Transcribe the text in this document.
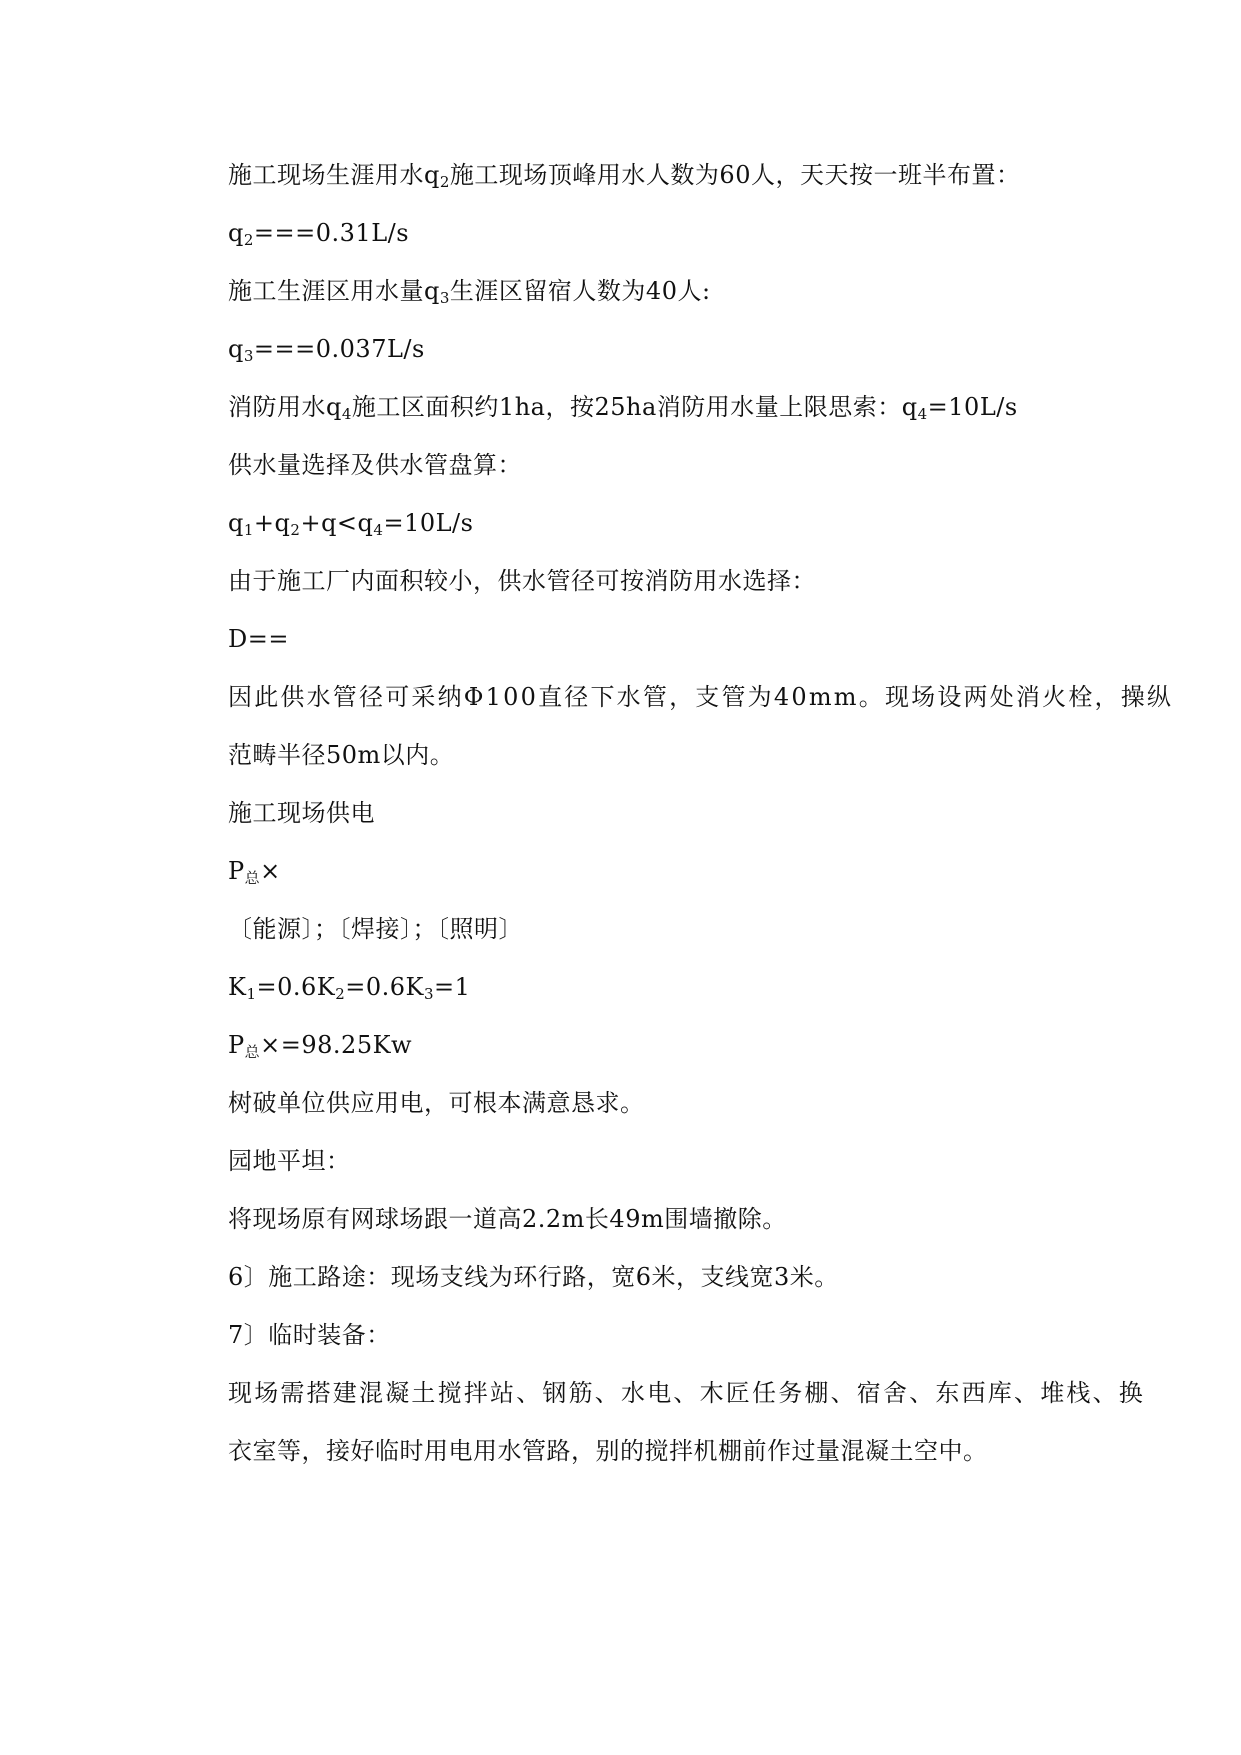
施工现场生涯用水$q_2$施工现场顶峰用水人数为60人，天天按一班半布置：
$q_2===0.31L/s$
施工生涯区用水量$q_3$生涯区留宿人数为40人:
$q_3===0.037L/s$
消防用水$q_4$施工区面积约1ha，按25ha消防用水量上限思索：$q_4=10L/s$
供水量选择及供水管盘算：
$q_1+q_2+q<q_4=10L/s$
由于施工厂内面积较小，供水管径可按消防用水选择：
D==
因此供水管径可采纳Φ100直径下水管，支管为40mm。现场设两处消火栓，操纵
范畴半径50m以内。
施工现场供电
$P_总\times$
〔能源〕；〔焊接〕；〔照明〕
$K_1=0.6K_2=0.6K_3=1$
$P_总\times=98.25Kw$
树破单位供应用电，可根本满意恳求。
园地平坦：
将现场原有网球场跟一道高2.2m长49m围墙撤除。
6〕施工路途：现场支线为环行路，宽6米，支线宽3米。
7〕临时装备：
现场需搭建混凝土搅拌站、钢筋、水电、木匠任务棚、宿舍、东西库、堆栈、换
衣室等，接好临时用电用水管路，别的搅拌机棚前作过量混凝土空中。
